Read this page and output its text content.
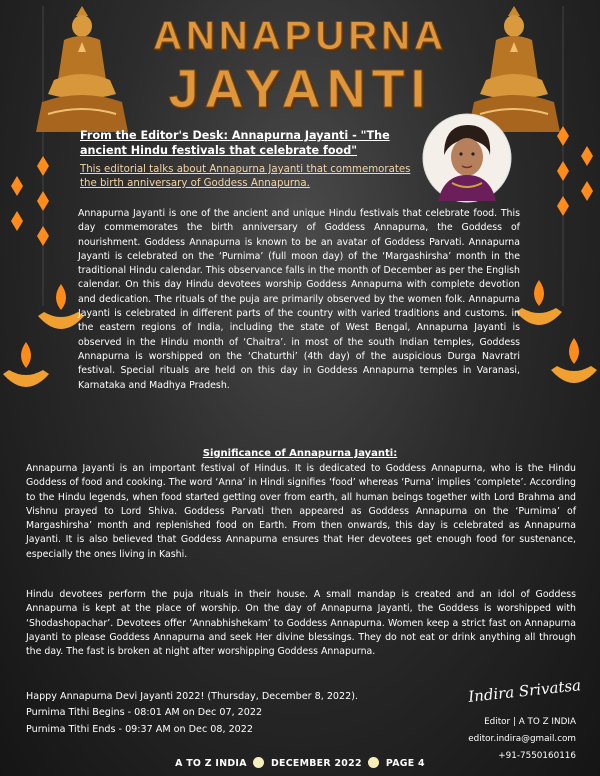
ANNAPURNA
JAYANTI
From the Editor's Desk: Annapurna Jayanti - "The ancient Hindu festivals that celebrate food"
This editorial talks about Annapurna Jayanti that commemorates the birth anniversary of Goddess Annapurna.
Annapurna Jayanti is one of the ancient and unique Hindu festivals that celebrate food. This day commemorates the birth anniversary of Goddess Annapurna, the Goddess of nourishment. Goddess Annapurna is known to be an avatar of Goddess Parvati. Annapurna Jayanti is celebrated on the ‘Purnima’ (full moon day) of the ‘Margashirsha’ month in the traditional Hindu calendar. This observance falls in the month of December as per the English calendar. On this day Hindu devotees worship Goddess Annapurna with complete devotion and dedication. The rituals of the puja are primarily observed by the women folk. Annapurna Jayanti is celebrated in different parts of the country with varied traditions and customs. in the eastern regions of India, including the state of West Bengal, Annapurna Jayanti is observed in the Hindu month of ‘Chaitra’. in most of the south Indian temples, Goddess Annapurna is worshipped on the ‘Chaturthi’ (4th day) of the auspicious Durga Navratri festival. Special rituals are held on this day in Goddess Annapurna temples in Varanasi, Karnataka and Madhya Pradesh.
Significance of Annapurna Jayanti:
Annapurna Jayanti is an important festival of Hindus. It is dedicated to Goddess Annapurna, who is the Hindu Goddess of food and cooking. The word ‘Anna’ in Hindi signifies ‘food’ whereas ‘Purna’ implies ‘complete’. According to the Hindu legends, when food started getting over from earth, all human beings together with Lord Brahma and Vishnu prayed to Lord Shiva. Goddess Parvati then appeared as Goddess Annapurna on the ‘Purnima’ of Margashirsha’ month and replenished food on Earth. From then onwards, this day is celebrated as Annapurna Jayanti. It is also believed that Goddess Annapurna ensures that Her devotees get enough food for sustenance, especially the ones living in Kashi.
Hindu devotees perform the puja rituals in their house. A small mandap is created and an idol of Goddess Annapurna is kept at the place of worship. On the day of Annapurna Jayanti, the Goddess is worshipped with ‘Shodashopachar’. Devotees offer ‘Annabhishekam’ to Goddess Annapurna. Women keep a strict fast on Annapurna Jayanti to please Goddess Annapurna and seek Her divine blessings. They do not eat or drink anything all through the day. The fast is broken at night after worshipping Goddess Annapurna.
Happy Annapurna Devi Jayanti 2022! (Thursday, December 8, 2022).
Purnima Tithi Begins - 08:01 AM on Dec 07, 2022
Purnima Tithi Ends - 09:37 AM on Dec 08, 2022
Indira Srivatsa
Editor | A TO Z INDIA
editor.indira@gmail.com
+91-7550160116
A TO Z INDIA	DECEMBER 2022	PAGE 4
